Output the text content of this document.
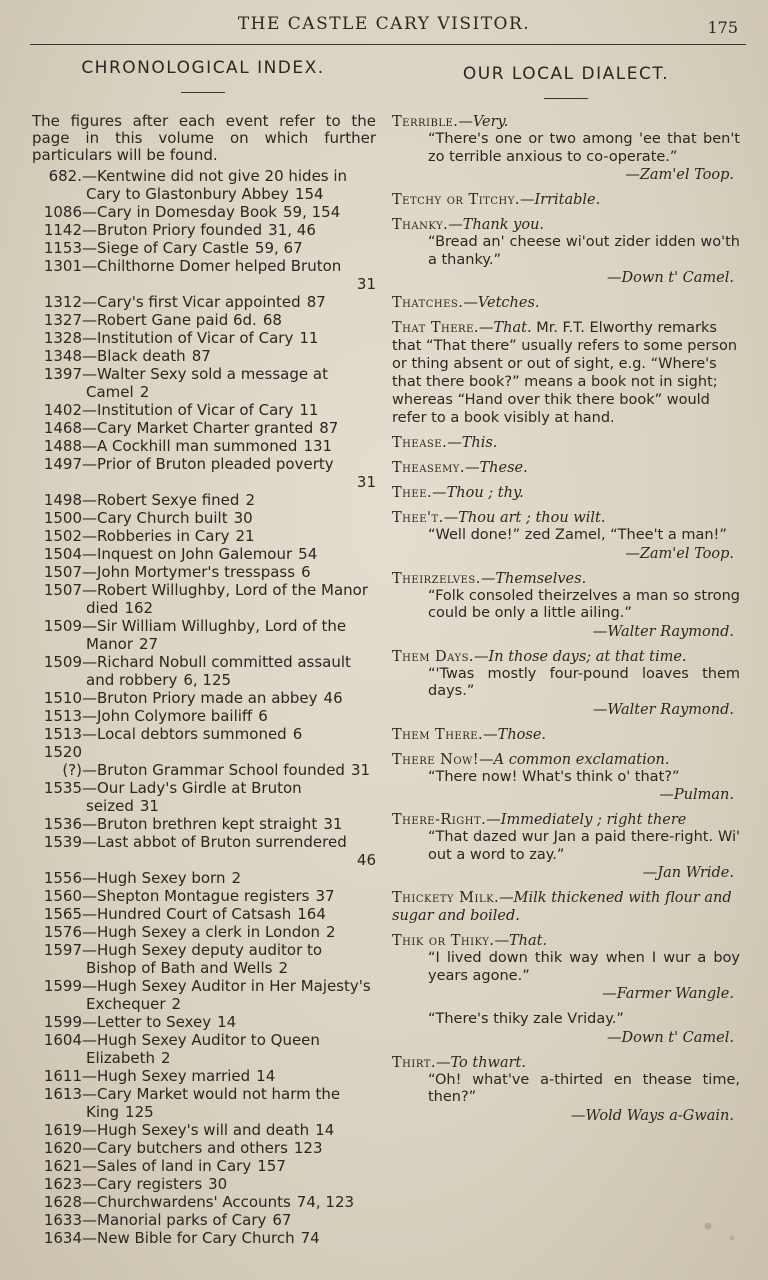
THE CASTLE CARY VISITOR.	175
CHRONOLOGICAL INDEX.
The figures after each event refer to the page in this volume on which further particulars will be found.
682.—Kentwine did not give 20 hides in Cary to Glastonbury Abbey 154
1086—Cary in Domesday Book 59, 154
1142—Bruton Priory founded 31, 46
1153—Siege of Cary Castle 59, 67
1301—Chilthorne Domer helped Bruton
31
1312—Cary's first Vicar appointed 87
1327—Robert Gane paid 6d. 68
1328—Institution of Vicar of Cary 11
1348—Black death 87
1397—Walter Sexy sold a message at Camel 2
1402—Institution of Vicar of Cary 11
1468—Cary Market Charter granted 87
1488—A Cockhill man summoned 131
1497—Prior of Bruton pleaded poverty
31
1498—Robert Sexye fined 2
1500—Cary Church built 30
1502—Robberies in Cary 21
1504—Inquest on John Galemour 54
1507—John Mortymer's tresspass 6
1507—Robert Willughby, Lord of the Manor died 162
1509—Sir William Willughby, Lord of the Manor 27
1509—Richard Nobull committed assault and robbery 6, 125
1510—Bruton Priory made an abbey 46
1513—John Colymore bailiff 6
1513—Local debtors summoned 6
1520 (?)—Bruton Grammar School founded 31
1535—Our Lady's Girdle at Bruton seized 31
1536—Bruton brethren kept straight 31
1539—Last abbot of Bruton surrendered
46
1556—Hugh Sexey born 2
1560—Shepton Montague registers 37
1565—Hundred Court of Catsash 164
1576—Hugh Sexey a clerk in London 2
1597—Hugh Sexey deputy auditor to Bishop of Bath and Wells 2
1599—Hugh Sexey Auditor in Her Majesty's Exchequer 2
1599—Letter to Sexey 14
1604—Hugh Sexey Auditor to Queen Elizabeth 2
1611—Hugh Sexey married 14
1613—Cary Market would not harm the King 125
1619—Hugh Sexey's will and death 14
1620—Cary butchers and others 123
1621—Sales of land in Cary 157
1623—Cary registers 30
1628—Churchwardens' Accounts 74, 123
1633—Manorial parks of Cary 67
1634—New Bible for Cary Church 74
OUR LOCAL DIALECT.
Terrible.—Very.
“There's one or two among 'ee that ben't zo terrible anxious to co-operate.”
—Zam'el Toop.
Tetchy or Titchy.—Irritable.
Thanky.—Thank you.
“Bread an' cheese wi'out zider idden wo'th a thanky.”
—Down t' Camel.
Thatches.—Vetches.
That There.—That. Mr. F.T. Elworthy remarks that “That there” usually refers to some person or thing absent or out of sight, e.g. “Where's that there book?” means a book not in sight; whereas “Hand over thik there book” would refer to a book visibly at hand.
Thease.—This.
Theasemy.—These.
Thee.—Thou ; thy.
Thee't.—Thou art ; thou wilt.
“Well done!” zed Zamel, “Thee't a man!”
—Zam'el Toop.
Theirzelves.—Themselves.
“Folk consoled theirzelves a man so strong could be only a little ailing.”
—Walter Raymond.
Them Days.—In those days; at that time.
“'Twas mostly four-pound loaves them days.”
—Walter Raymond.
Them There.—Those.
There Now!—A common exclamation.
“There now! What's think o' that?”
—Pulman.
There-Right.—Immediately ; right there
“That dazed wur Jan a paid there-right. Wi' out a word to zay.”
—Jan Wride.
Thickety Milk.—Milk thickened with flour and sugar and boiled.
Thik or Thiky.—That.
“I lived down thik way when I wur a boy years agone.”
—Farmer Wangle.
“There's thiky zale Vriday.”
—Down t' Camel.
Thirt.—To thwart.
“Oh! what've a-thirted en thease time, then?”
—Wold Ways a-Gwain.
